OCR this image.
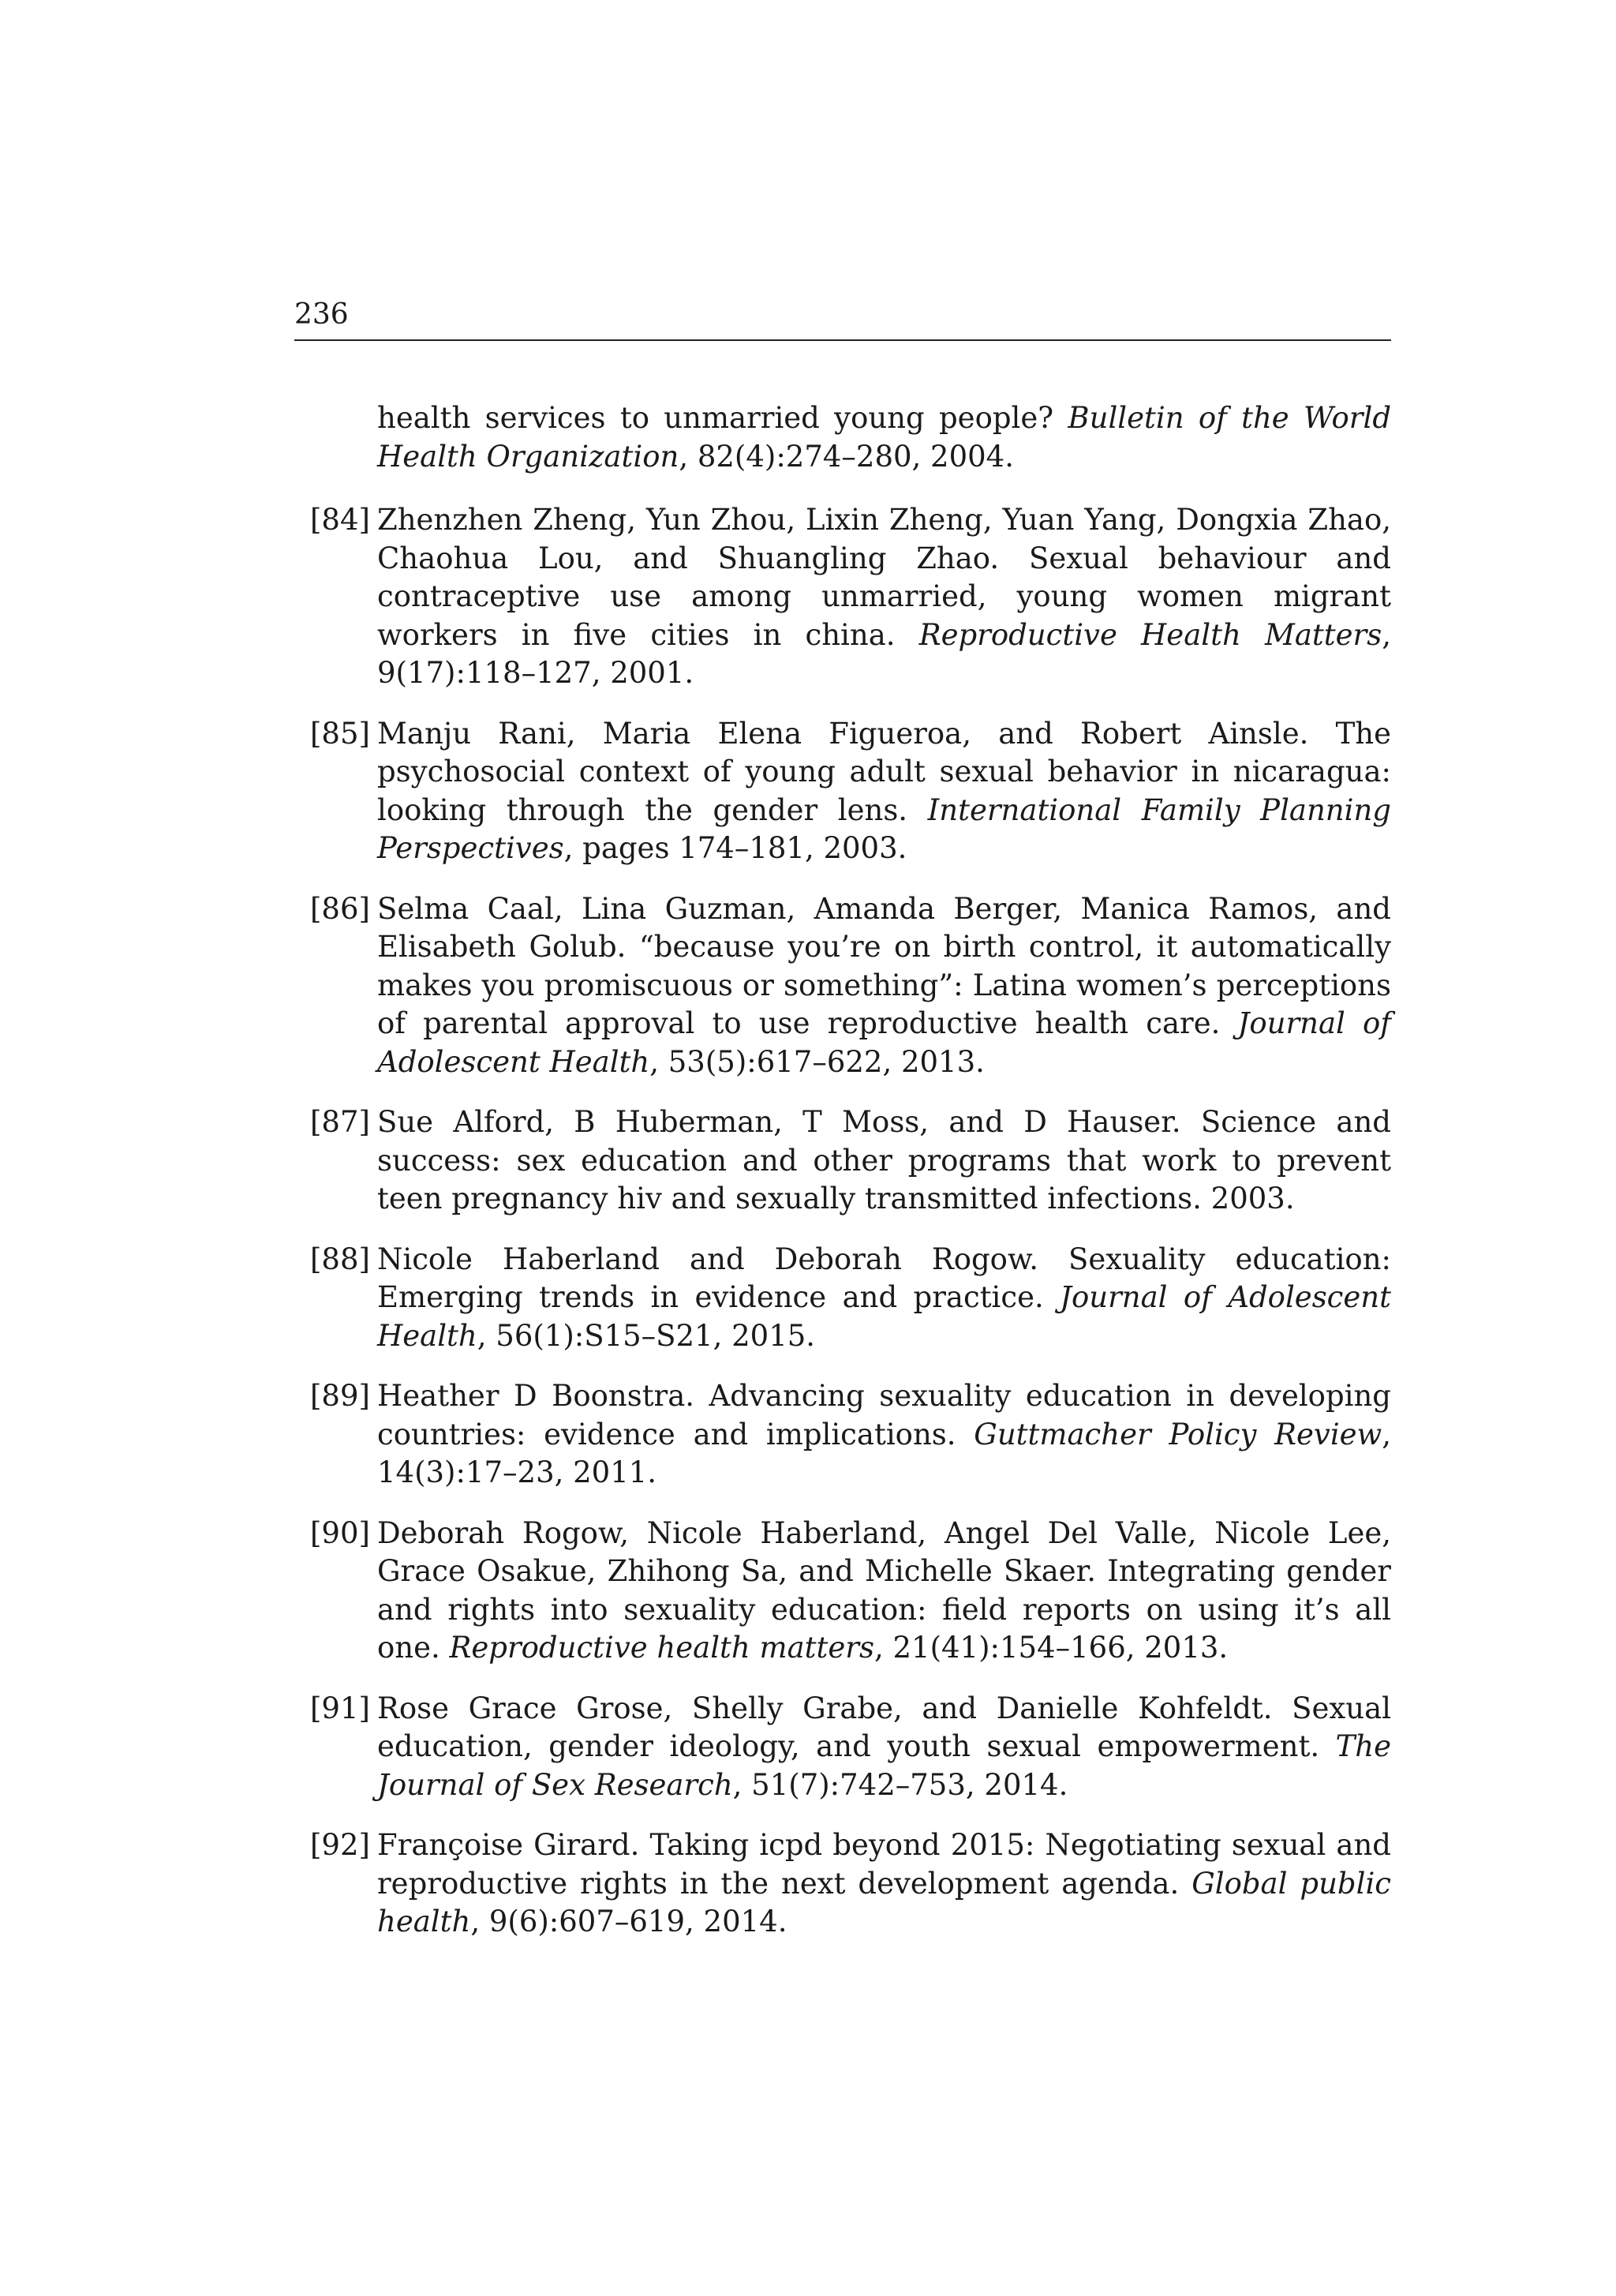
236
health services to unmarried young people? Bulletin of the World Health Organization, 82(4):274–280, 2004.
[84] Zhenzhen Zheng, Yun Zhou, Lixin Zheng, Yuan Yang, Dongxia Zhao, Chaohua Lou, and Shuangling Zhao. Sexual behaviour and contraceptive use among unmarried, young women migrant workers in five cities in china. Reproductive Health Matters, 9(17):118–127, 2001.
[85] Manju Rani, Maria Elena Figueroa, and Robert Ainsle. The psychosocial context of young adult sexual behavior in nicaragua: looking through the gender lens. International Family Planning Perspectives, pages 174–181, 2003.
[86] Selma Caal, Lina Guzman, Amanda Berger, Manica Ramos, and Elisabeth Golub. “because you’re on birth control, it automatically makes you promiscuous or something”: Latina women’s perceptions of parental approval to use reproductive health care. Journal of Adolescent Health, 53(5):617–622, 2013.
[87] Sue Alford, B Huberman, T Moss, and D Hauser. Science and success: sex education and other programs that work to prevent teen pregnancy hiv and sexually transmitted infections. 2003.
[88] Nicole Haberland and Deborah Rogow. Sexuality education: Emerging trends in evidence and practice. Journal of Adolescent Health, 56(1):S15–S21, 2015.
[89] Heather D Boonstra. Advancing sexuality education in developing countries: evidence and implications. Guttmacher Policy Review, 14(3):17–23, 2011.
[90] Deborah Rogow, Nicole Haberland, Angel Del Valle, Nicole Lee, Grace Osakue, Zhihong Sa, and Michelle Skaer. Integrating gender and rights into sexuality education: field reports on using it’s all one. Reproductive health matters, 21(41):154–166, 2013.
[91] Rose Grace Grose, Shelly Grabe, and Danielle Kohfeldt. Sexual education, gender ideology, and youth sexual empowerment. The Journal of Sex Research, 51(7):742–753, 2014.
[92] Françoise Girard. Taking icpd beyond 2015: Negotiating sexual and reproductive rights in the next development agenda. Global public health, 9(6):607–619, 2014.
